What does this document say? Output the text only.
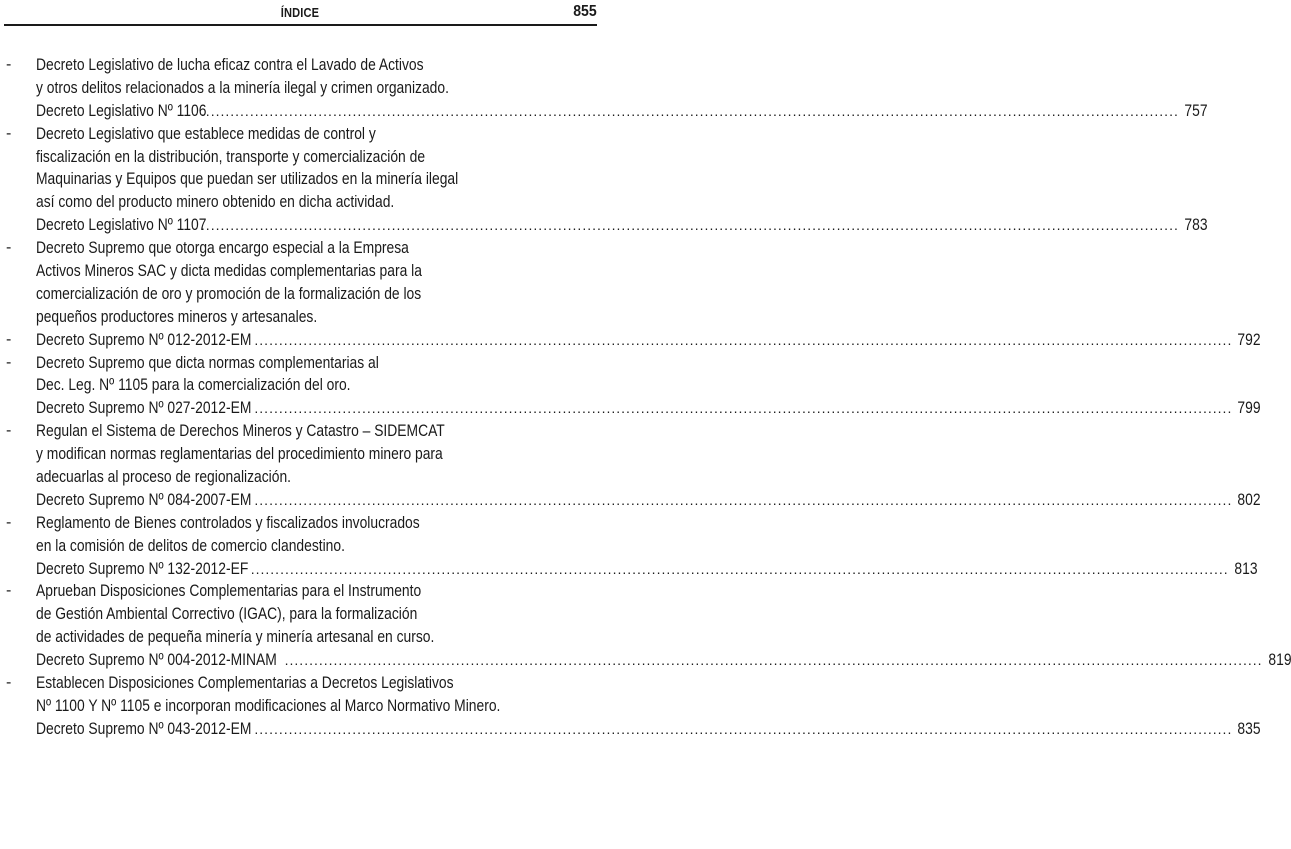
ÍNDICE	855
- Decreto Legislativo de lucha eficaz contra el Lavado de Activos
y otros delitos relacionados a la minería ilegal y crimen organizado.
Decreto Legislativo Nº 1106
........................................................................................................................................................................................................ 757
- Decreto Legislativo que establece medidas de control y
fiscalización en la distribución, transporte y comercialización de
Maquinarias y Equipos que puedan ser utilizados en la minería ilegal
así como del producto minero obtenido en dicha actividad.
Decreto Legislativo Nº 1107
........................................................................................................................................................................................................ 783
- Decreto Supremo que otorga encargo especial a la Empresa
Activos Mineros SAC y dicta medidas complementarias para la
comercialización de oro y promoción de la formalización de los
pequeños productores mineros y artesanales.
- Decreto Supremo Nº 012-2012-EM ........................................................................................................................................................................................................ 792
- Decreto Supremo que dicta normas complementarias al
Dec. Leg. Nº 1105 para la comercialización del oro.
Decreto Supremo Nº 027-2012-EM ........................................................................................................................................................................................................ 799
- Regulan el Sistema de Derechos Mineros y Catastro – SIDEMCAT
y modifican normas reglamentarias del procedimiento minero para
adecuarlas al proceso de regionalización.
Decreto Supremo Nº 084-2007-EM ........................................................................................................................................................................................................ 802
- Reglamento de Bienes controlados y fiscalizados involucrados
en la comisión de delitos de comercio clandestino.
Decreto Supremo Nº 132-2012-EF ........................................................................................................................................................................................................ 813
- Aprueban Disposiciones Complementarias para el Instrumento
de Gestión Ambiental Correctivo (IGAC), para la formalización
de actividades de pequeña minería y minería artesanal en curso.
Decreto Supremo Nº 004-2012-MINAM ........................................................................................................................................................................................................ 819
- Establecen Disposiciones Complementarias a Decretos Legislativos
Nº 1100 Y Nº 1105 e incorporan modificaciones al Marco Normativo Minero.
Decreto Supremo Nº 043-2012-EM ........................................................................................................................................................................................................ 835
